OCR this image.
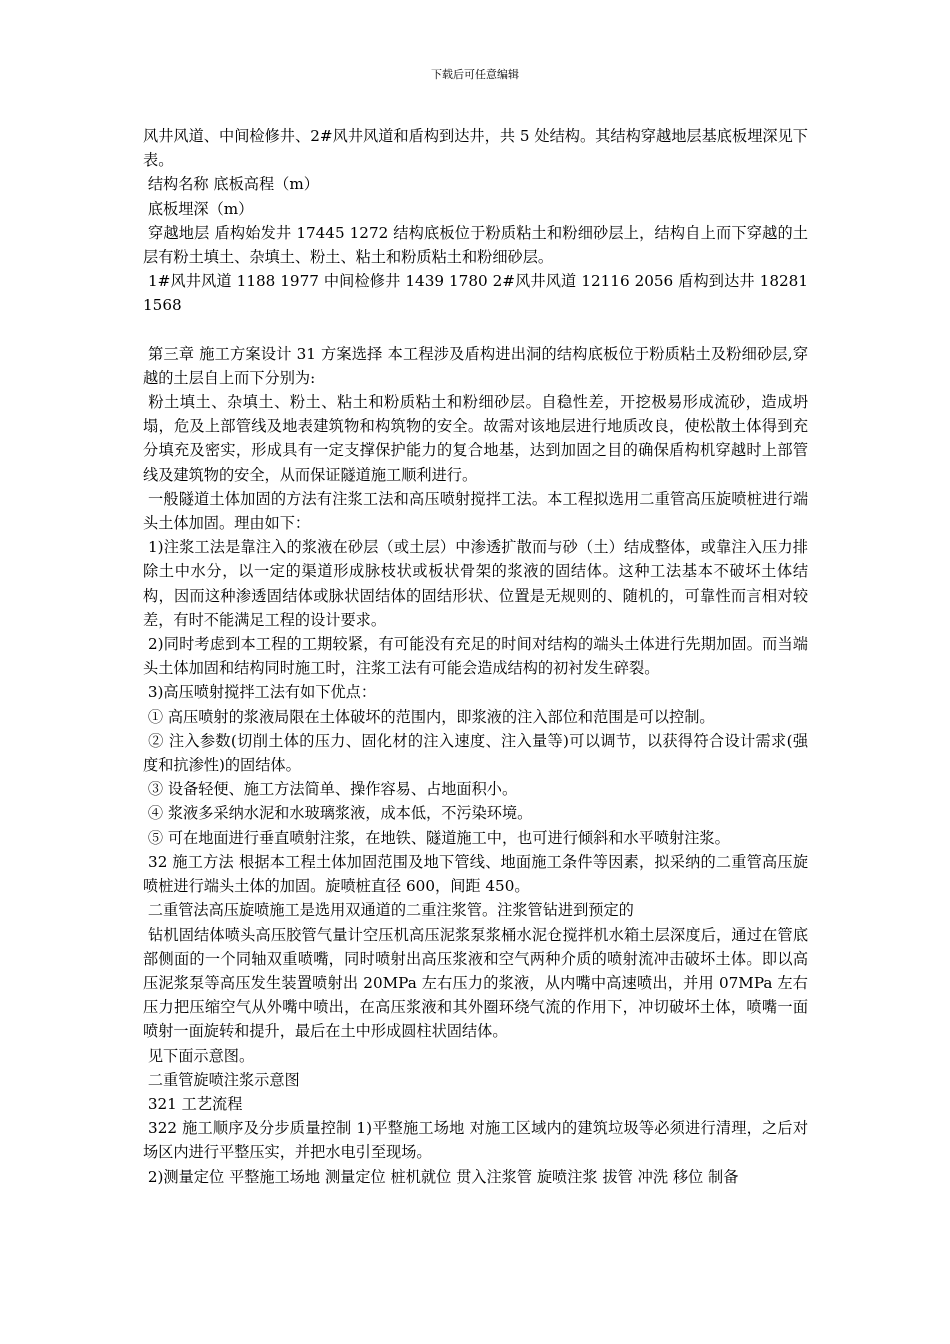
下载后可任意编辑

风井风道、中间检修井、2#风井风道和盾构到达井，共 5 处结构。其结构穿越地层基底板埋深见下表。

结构名称 底板高程（m）

底板埋深（m）

穿越地层 盾构始发井 17445 1272 结构底板位于粉质粘土和粉细砂层上，结构自上而下穿越的土层有粉土填土、杂填土、粉土、粘土和粉质粘土和粉细砂层。

1#风井风道 1188 1977 中间检修井 1439 1780 2#风井风道 12116 2056 盾构到达井 18281 1568

第三章 施工方案设计 31 方案选择 本工程涉及盾构进出洞的结构底板位于粉质粘土及粉细砂层,穿越的土层自上而下分别为:

粉土填土、杂填土、粉土、粘土和粉质粘土和粉细砂层。自稳性差，开挖极易形成流砂，造成坍塌，危及上部管线及地表建筑物和构筑物的安全。故需对该地层进行地质改良，使松散土体得到充分填充及密实，形成具有一定支撑保护能力的复合地基，达到加固之目的确保盾构机穿越时上部管线及建筑物的安全，从而保证隧道施工顺利进行。

一般隧道土体加固的方法有注浆工法和高压喷射搅拌工法。本工程拟选用二重管高压旋喷桩进行端头土体加固。理由如下：

1)注浆工法是靠注入的浆液在砂层（或土层）中渗透扩散而与砂（土）结成整体，或靠注入压力排除土中水分，以一定的渠道形成脉枝状或板状骨架的浆液的固结体。这种工法基本不破坏土体结构，因而这种渗透固结体或脉状固结体的固结形状、位置是无规则的、随机的，可靠性而言相对较差，有时不能满足工程的设计要求。

2)同时考虑到本工程的工期较紧，有可能没有充足的时间对结构的端头土体进行先期加固。而当端头土体加固和结构同时施工时，注浆工法有可能会造成结构的初衬发生碎裂。

3)高压喷射搅拌工法有如下优点：

① 高压喷射的浆液局限在土体破坏的范围内，即浆液的注入部位和范围是可以控制。

② 注入参数(切削土体的压力、固化材的注入速度、注入量等)可以调节，以获得符合设计需求(强度和抗渗性)的固结体。

③ 设备轻便、施工方法简单、操作容易、占地面积小。

④ 浆液多采纳水泥和水玻璃浆液，成本低，不污染环境。

⑤ 可在地面进行垂直喷射注浆，在地铁、隧道施工中，也可进行倾斜和水平喷射注浆。

32 施工方法 根据本工程土体加固范围及地下管线、地面施工条件等因素，拟采纳的二重管高压旋喷桩进行端头土体的加固。旋喷桩直径 600，间距 450。

二重管法高压旋喷施工是选用双通道的二重注浆管。注浆管钻进到预定的

钻机固结体喷头高压胶管气量计空压机高压泥浆泵浆桶水泥仓搅拌机水箱土层深度后，通过在管底部侧面的一个同轴双重喷嘴，同时喷射出高压浆液和空气两种介质的喷射流冲击破坏土体。即以高压泥浆泵等高压发生装置喷射出 20MPa 左右压力的浆液，从内嘴中高速喷出，并用 07MPa 左右压力把压缩空气从外嘴中喷出，在高压浆液和其外圈环绕气流的作用下，冲切破坏土体，喷嘴一面喷射一面旋转和提升，最后在土中形成圆柱状固结体。

见下面示意图。

二重管旋喷注浆示意图

321 工艺流程

322 施工顺序及分步质量控制 1)平整施工场地 对施工区域内的建筑垃圾等必须进行清理，之后对场区内进行平整压实，并把水电引至现场。

2)测量定位 平整施工场地 测量定位 桩机就位 贯入注浆管 旋喷注浆 拔管 冲洗 移位 制备
